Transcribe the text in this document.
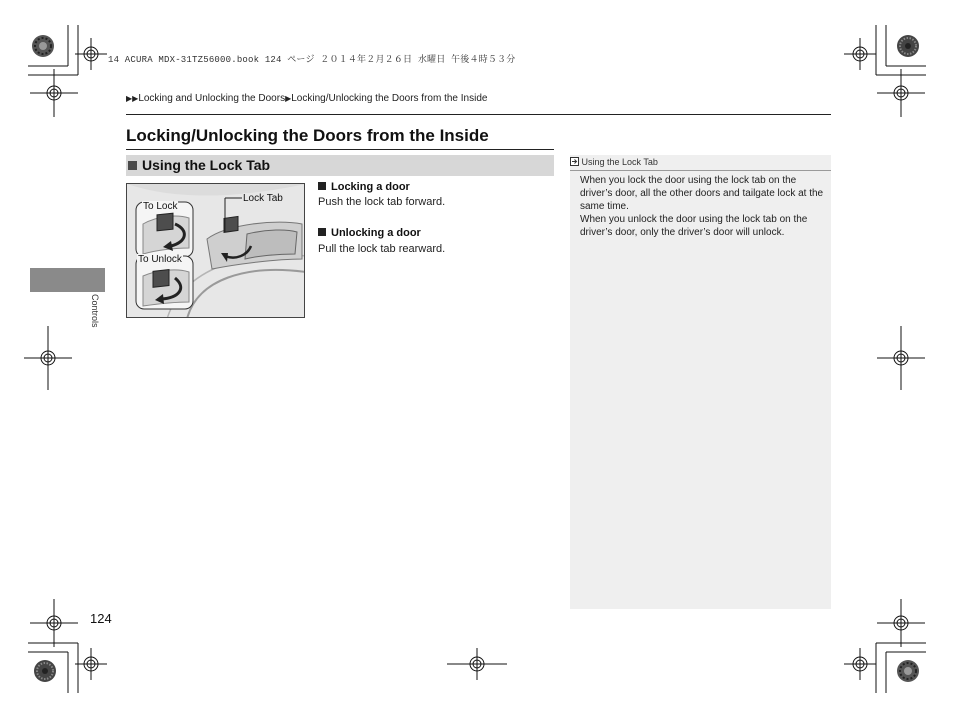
14 ACURA MDX-31TZ56000.book 124 ページ ２０１４年２月２６日 水曜日 午後４時５３分
▶▶Locking and Unlocking the Doors▶Locking/Unlocking the Doors from the Inside
Locking/Unlocking the Doors from the Inside
Using the Lock Tab
Lock Tab
To Lock
To Unlock
Locking a door
Push the lock tab forward.
Unlocking a door
Pull the lock tab rearward.
Using the Lock Tab

When you lock the door using the lock tab on the driver’s door, all the other doors and tailgate lock at the same time.

When you unlock the door using the lock tab on the driver’s door, only the driver’s door will unlock.

Controls
124
